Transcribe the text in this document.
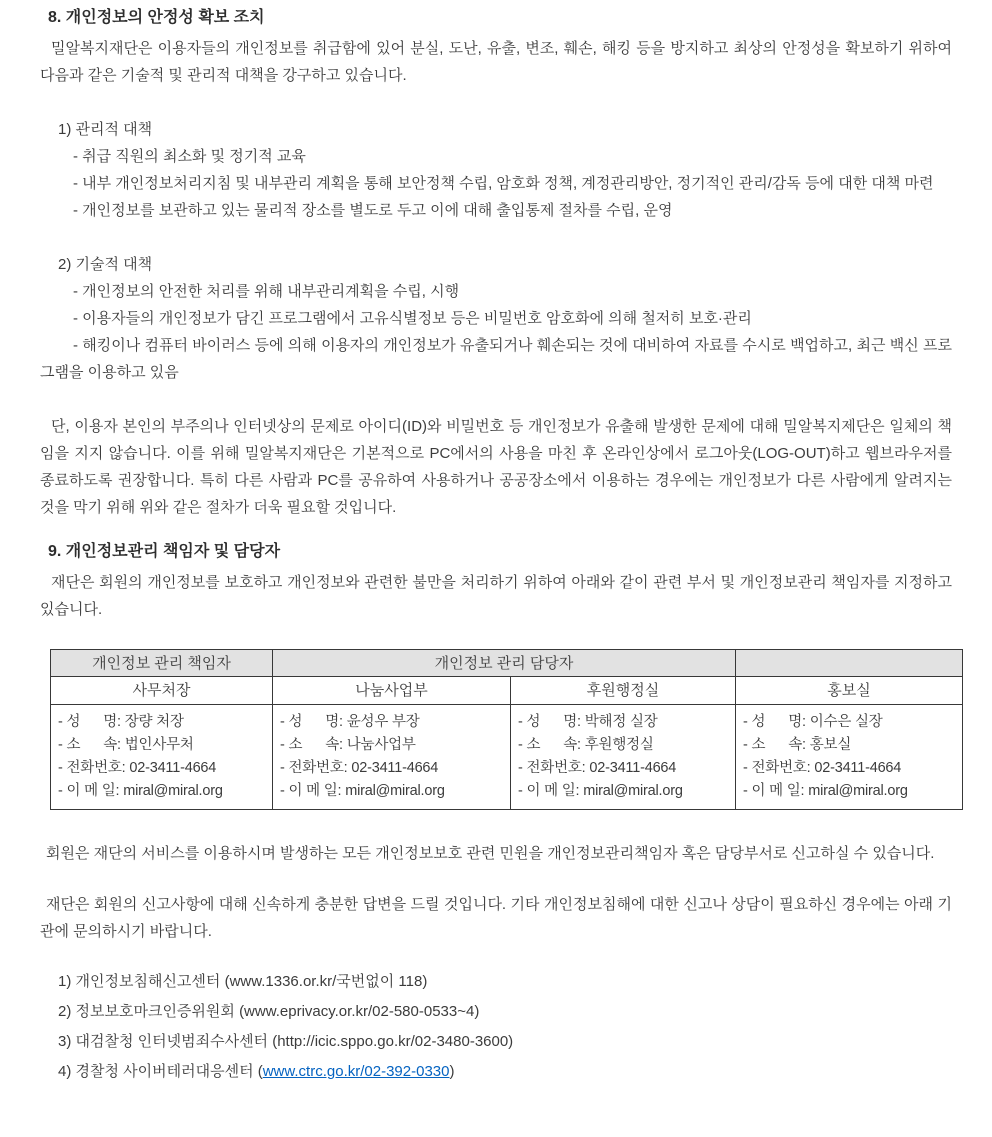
8. 개인정보의 안정성 확보 조치

밀알복지재단은 이용자들의 개인정보를 취급함에 있어 분실, 도난, 유출, 변조, 훼손, 해킹 등을 방지하고 최상의 안정성을 확보하기 위하여 다음과 같은 기술적 및 관리적 대책을 강구하고 있습니다.

1) 관리적 대책
- 취급 직원의 최소화 및 정기적 교육
- 내부 개인정보처리지침 및 내부관리 계획을 통해 보안정책 수립, 암호화 정책, 계정관리방안, 정기적인 관리/감독 등에 대한 대책 마련
- 개인정보를 보관하고 있는 물리적 장소를 별도로 두고 이에 대해 출입통제 절차를 수립, 운영
2) 기술적 대책
- 개인정보의 안전한 처리를 위해 내부관리계획을 수립, 시행
- 이용자들의 개인정보가 담긴 프로그램에서 고유식별정보 등은 비밀번호 암호화에 의해 철저히 보호·관리
- 해킹이나 컴퓨터 바이러스 등에 의해 이용자의 개인정보가 유출되거나 훼손되는 것에 대비하여 자료를 수시로 백업하고, 최근 백신 프로그램을 이용하고 있음

단, 이용자 본인의 부주의나 인터넷상의 문제로 아이디(ID)와 비밀번호 등 개인정보가 유출해 발생한 문제에 대해 밀알복지제단은 일체의 책임을 지지 않습니다. 이를 위해 밀알복지재단은 기본적으로 PC에서의 사용을 마친 후 온라인상에서 로그아웃(LOG-OUT)하고 웹브라우저를 종료하도록 권장합니다. 특히 다른 사람과 PC를 공유하여 사용하거나 공공장소에서 이용하는 경우에는 개인정보가 다른 사람에게 알려지는 것을 막기 위해 위와 같은 절차가 더욱 필요할 것입니다.

9. 개인정보관리 책임자 및 담당자

재단은 회원의 개인정보를 보호하고 개인정보와 관련한 불만을 처리하기 위하여 아래와 같이 관련 부서 및 개인정보관리 책임자를 지정하고 있습니다.

개인정보 관리 책임자	개인정보 관리 담당자		
사무처장	나눔사업부	후원행정실	홍보실

- 성      명: 장량 처장
- 소      속: 법인사무처
- 전화번호: 02-3411-4664
- 이 메 일: miral@miral.org

- 성      명: 윤성우 부장
- 소      속: 나눔사업부
- 전화번호: 02-3411-4664
- 이 메 일: miral@miral.org

- 성      명: 박해정 실장
- 소      속: 후원행정실
- 전화번호: 02-3411-4664
- 이 메 일: miral@miral.org

- 성      명: 이수은 실장
- 소      속: 홍보실
- 전화번호: 02-3411-4664
- 이 메 일: miral@miral.org

회원은 재단의 서비스를 이용하시며 발생하는 모든 개인정보보호 관련 민원을 개인정보관리책임자 혹은 담당부서로 신고하실 수 있습니다.

재단은 회원의 신고사항에 대해 신속하게 충분한 답변을 드릴 것입니다. 기타 개인정보침해에 대한 신고나 상담이 필요하신 경우에는 아래 기관에 문의하시기 바랍니다.

1) 개인정보침해신고센터 (www.1336.or.kr/국번없이 118)
2) 정보보호마크인증위원회 (www.eprivacy.or.kr/02-580-0533~4)
3) 대검찰청 인터넷범죄수사센터 (http://icic.sppo.go.kr/02-3480-3600)
4) 경찰청 사이버테러대응센터 (www.ctrc.go.kr/02-392-0330)
